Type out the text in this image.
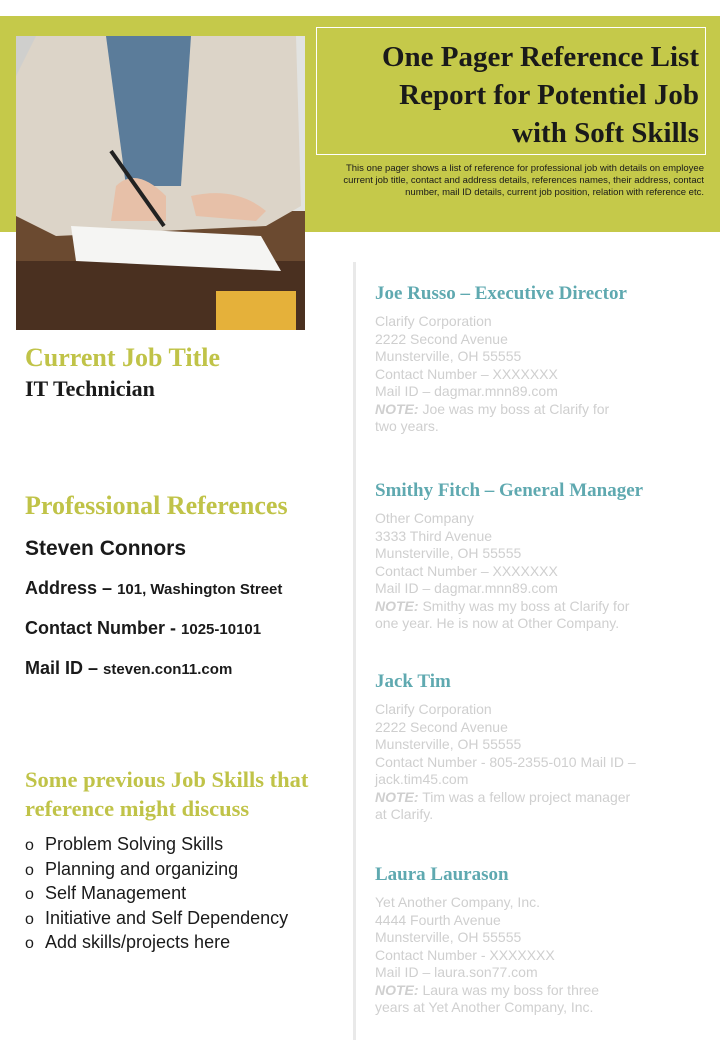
One Pager Reference List
Report for Potentiel Job
with Soft Skills
This one pager shows a list of reference for professional job with details on employee current job title, contact and address details, references names, their address, contact number, mail ID details, current job position, relation with reference etc.
Current Job Title
IT Technician
Professional References
Steven Connors
Address – 101, Washington Street
Contact Number - 1025-10101
Mail ID – steven.con11.com
Some previous Job Skills that
reference might discuss
o Problem Solving Skills
o Planning and organizing
o Self Management
o Initiative and Self Dependency
o Add skills/projects here
Joe Russo – Executive Director
Clarify Corporation
2222 Second Avenue
Munsterville, OH 55555
Contact Number – XXXXXXX
Mail ID – dagmar.mnn89.com
NOTE: Joe was my boss at Clarify for
two years.
Smithy Fitch – General Manager
Other Company
3333 Third Avenue
Munsterville, OH 55555
Contact Number – XXXXXXX
Mail ID – dagmar.mnn89.com
NOTE: Smithy was my boss at Clarify for
one year. He is now at Other Company.
Jack Tim
Clarify Corporation
2222 Second Avenue
Munsterville, OH 55555
Contact Number - 805-2355-010 Mail ID –
jack.tim45.com
NOTE: Tim was a fellow project manager
at Clarify.
Laura Laurason
Yet Another Company, Inc.
4444 Fourth Avenue
Munsterville, OH 55555
Contact Number - XXXXXXX
Mail ID – laura.son77.com
NOTE: Laura was my boss for three
years at Yet Another Company, Inc.
